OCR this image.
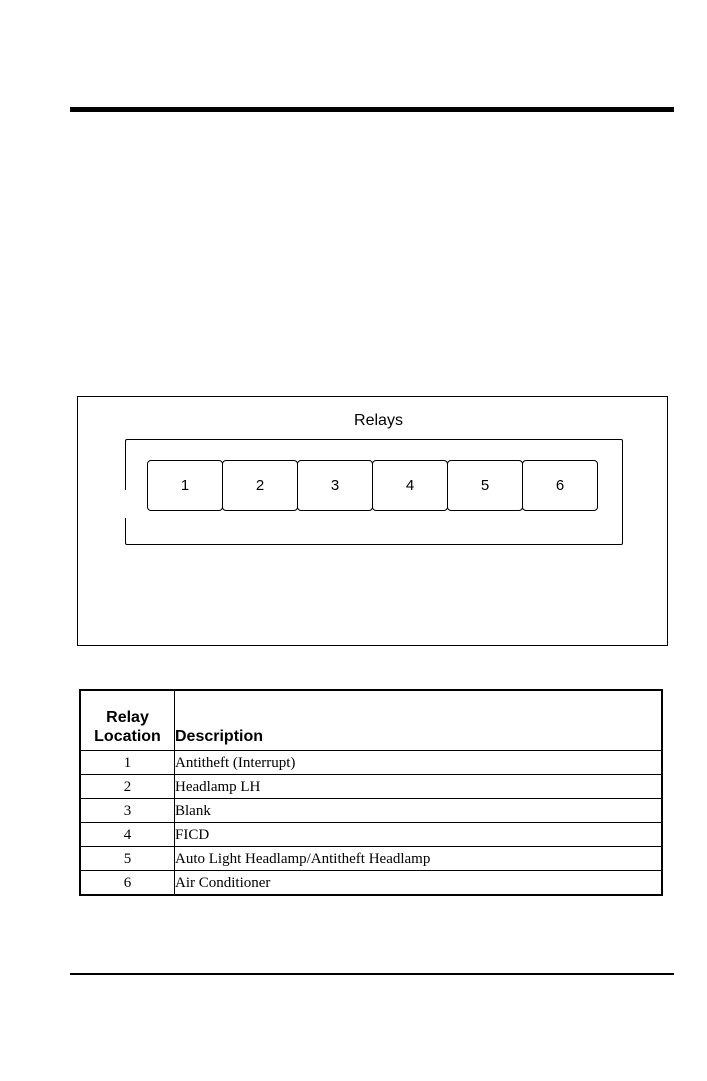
Relays
1	2	3	4	5	6
Relay
Location	Description
1	Antitheft (Interrupt)
2	Headlamp LH
3	Blank
4	FICD
5	Auto Light Headlamp/Antitheft Headlamp
6	Air Conditioner
